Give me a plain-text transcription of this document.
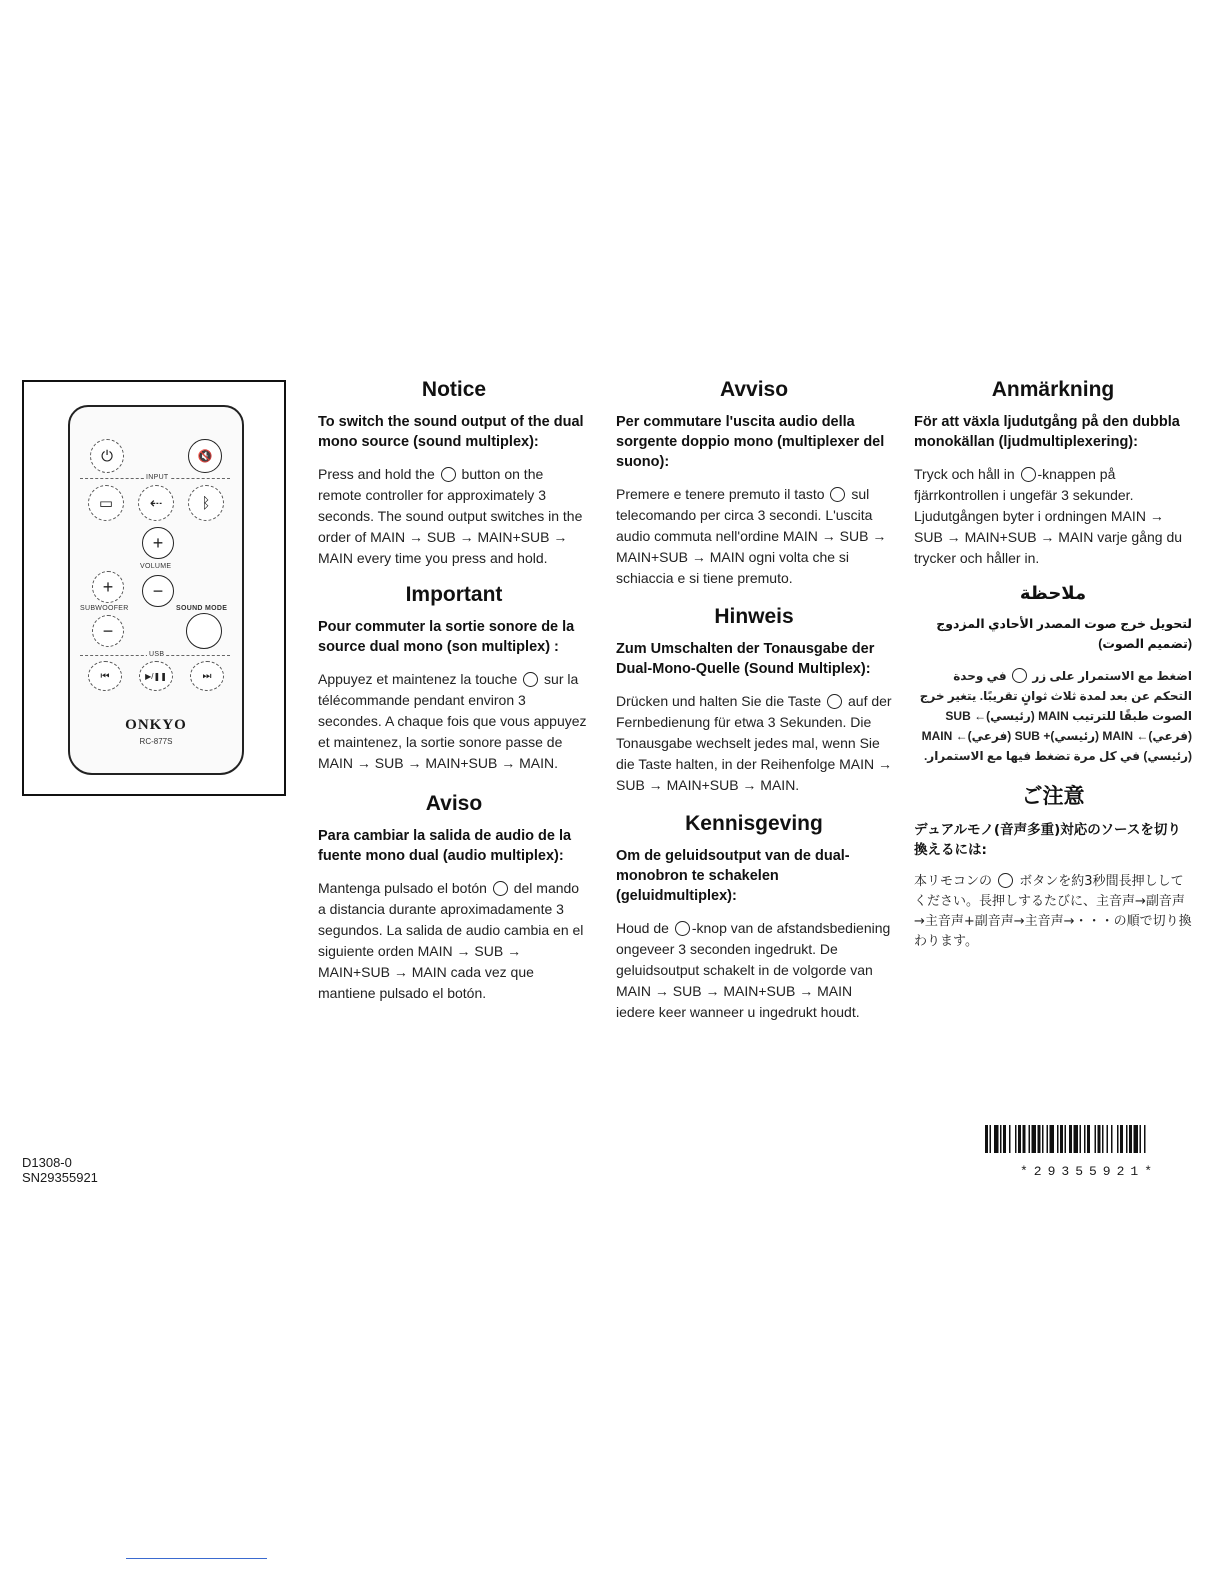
⏻	🔇
INPUT
▭	⇠	ᛒ
+
VOLUME
+	−
SUBWOOFER	SOUND MODE
−
USB
⏮	▶/❚❚	⏭
ONKYO
RC-877S
Notice

To switch the sound output of the dual mono source (sound multiplex):

Press and hold the button on the remote controller for approximately 3 seconds. The sound output switches in the order of MAIN → SUB → MAIN+SUB → MAIN every time you press and hold.

Important

Pour commuter la sortie sonore de la source dual mono (son multiplex) :

Appuyez et maintenez la touche sur la télécommande pendant environ 3 secondes. A chaque fois que vous appuyez et maintenez, la sortie sonore passe de MAIN → SUB → MAIN+SUB → MAIN.

Aviso

Para cambiar la salida de audio de la fuente mono dual (audio multiplex):

Mantenga pulsado el botón del mando a distancia durante aproximadamente 3 segundos. La salida de audio cambia en el siguiente orden MAIN → SUB → MAIN+SUB → MAIN cada vez que mantiene pulsado el botón.

Avviso

Per commutare l'uscita audio della sorgente doppio mono (multiplexer del suono):

Premere e tenere premuto il tasto sul telecomando per circa 3 secondi. L'uscita audio commuta nell'ordine MAIN → SUB → MAIN+SUB → MAIN ogni volta che si schiaccia e si tiene premuto.

Hinweis

Zum Umschalten der Tonausgabe der Dual-Mono-Quelle (Sound Multiplex):

Drücken und halten Sie die Taste auf der Fernbedienung für etwa 3 Sekunden. Die Tonausgabe wechselt jedes mal, wenn Sie die Taste halten, in der Reihenfolge MAIN → SUB → MAIN+SUB → MAIN.

Kennisgeving

Om de geluidsoutput van de dual-monobron te schakelen (geluidmultiplex):

Houd de -knop van de afstandsbediening ongeveer 3 seconden ingedrukt. De geluidsoutput schakelt in de volgorde van MAIN → SUB → MAIN+SUB → MAIN iedere keer wanneer u ingedrukt houdt.

Anmärkning

För att växla ljudutgång på den dubbla monokällan (ljudmultiplexering):

Tryck och håll in -knappen på fjärrkontrollen i ungefär 3 sekunder. Ljudutgången byter i ordningen MAIN → SUB → MAIN+SUB → MAIN varje gång du trycker och håller in.

ملاحظة

لتحويل خرج صوت المصدر الأحادي المزدوج (تضميم الصوت)

اضغط مع الاستمرار على زر  في وحدة التحكم عن بعد لمدة ثلاث ثوانٍ تقريبًا. يتغير خرج الصوت طبقًا للترتيب MAIN (رئيسي)← SUB (فرعي)← MAIN (رئيسي)+ SUB (فرعي)← MAIN (رئيسي) في كل مرة تضغط فيها مع الاستمرار.

ご注意

デュアルモノ(音声多重)対応のソースを切り換えるには:

本リモコンの ボタンを約3秒間長押ししてください。長押しするたびに、主音声→副音声→主音声+副音声→主音声→・・・の順で切り換わります。

D1308-0
SN29355921	*29355921*
